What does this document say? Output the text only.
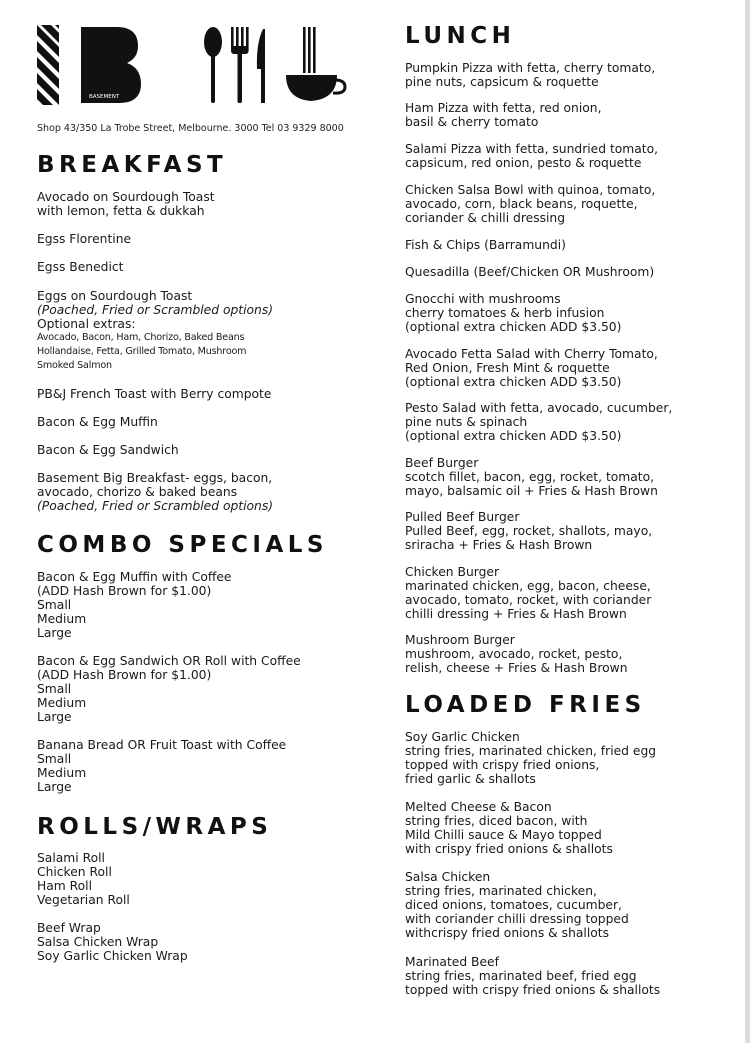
BASEMENT
Shop 43/350 La Trobe Street, Melbourne. 3000 Tel 03 9329 8000
BREAKFAST
Avocado on Sourdough Toast
with lemon, fetta & dukkah
Egss Florentine
Egss Benedict
Eggs on Sourdough Toast
(Poached, Fried or Scrambled options)
Optional extras:
Avocado, Bacon, Ham, Chorizo, Baked Beans
Hollandaise, Fetta, Grilled Tomato, Mushroom
Smoked Salmon
PB&J French Toast with Berry compote
Bacon & Egg Muffin
Bacon & Egg Sandwich
Basement Big Breakfast- eggs, bacon,
avocado, chorizo & baked beans
(Poached, Fried or Scrambled options)
COMBO SPECIALS
Bacon & Egg Muffin with Coffee
(ADD Hash Brown for $1.00)
Small
Medium
Large
Bacon & Egg Sandwich OR Roll with Coffee
(ADD Hash Brown for $1.00)
Small
Medium
Large
Banana Bread OR Fruit Toast with Coffee
Small
Medium
Large
ROLLS/WRAPS
Salami Roll
Chicken Roll
Ham Roll
Vegetarian Roll
Beef Wrap
Salsa Chicken Wrap
Soy Garlic Chicken Wrap
LUNCH
Pumpkin Pizza with fetta, cherry tomato,
pine nuts, capsicum & roquette
Ham Pizza with fetta, red onion,
basil & cherry tomato
Salami Pizza with fetta, sundried tomato,
capsicum, red onion, pesto & roquette
Chicken Salsa Bowl with quinoa, tomato,
avocado, corn, black beans, roquette,
coriander & chilli dressing
Fish & Chips (Barramundi)
Quesadilla (Beef/Chicken OR Mushroom)
Gnocchi with mushrooms
cherry tomatoes & herb infusion
(optional extra chicken ADD $3.50)
Avocado Fetta Salad with Cherry Tomato,
Red Onion, Fresh Mint & roquette
(optional extra chicken ADD $3.50)
Pesto Salad with fetta, avocado, cucumber,
pine nuts & spinach
(optional extra chicken ADD $3.50)
Beef Burger
scotch fillet, bacon, egg, rocket, tomato,
mayo, balsamic oil + Fries & Hash Brown
Pulled Beef Burger
Pulled Beef, egg, rocket, shallots, mayo,
sriracha + Fries & Hash Brown
Chicken Burger
marinated chicken, egg, bacon, cheese,
avocado, tomato, rocket, with coriander
chilli dressing + Fries & Hash Brown
Mushroom Burger
mushroom, avocado, rocket, pesto,
relish, cheese + Fries & Hash Brown
LOADED FRIES
Soy Garlic Chicken
string fries, marinated chicken, fried egg
topped with crispy fried onions,
fried garlic & shallots
Melted Cheese & Bacon
string fries, diced bacon, with
Mild Chilli sauce & Mayo topped
with crispy fried onions & shallots
Salsa Chicken
string fries, marinated chicken,
diced onions, tomatoes, cucumber,
with coriander chilli dressing topped
withcrispy fried onions & shallots
Marinated Beef
string fries, marinated beef, fried egg
topped with crispy fried onions & shallots
